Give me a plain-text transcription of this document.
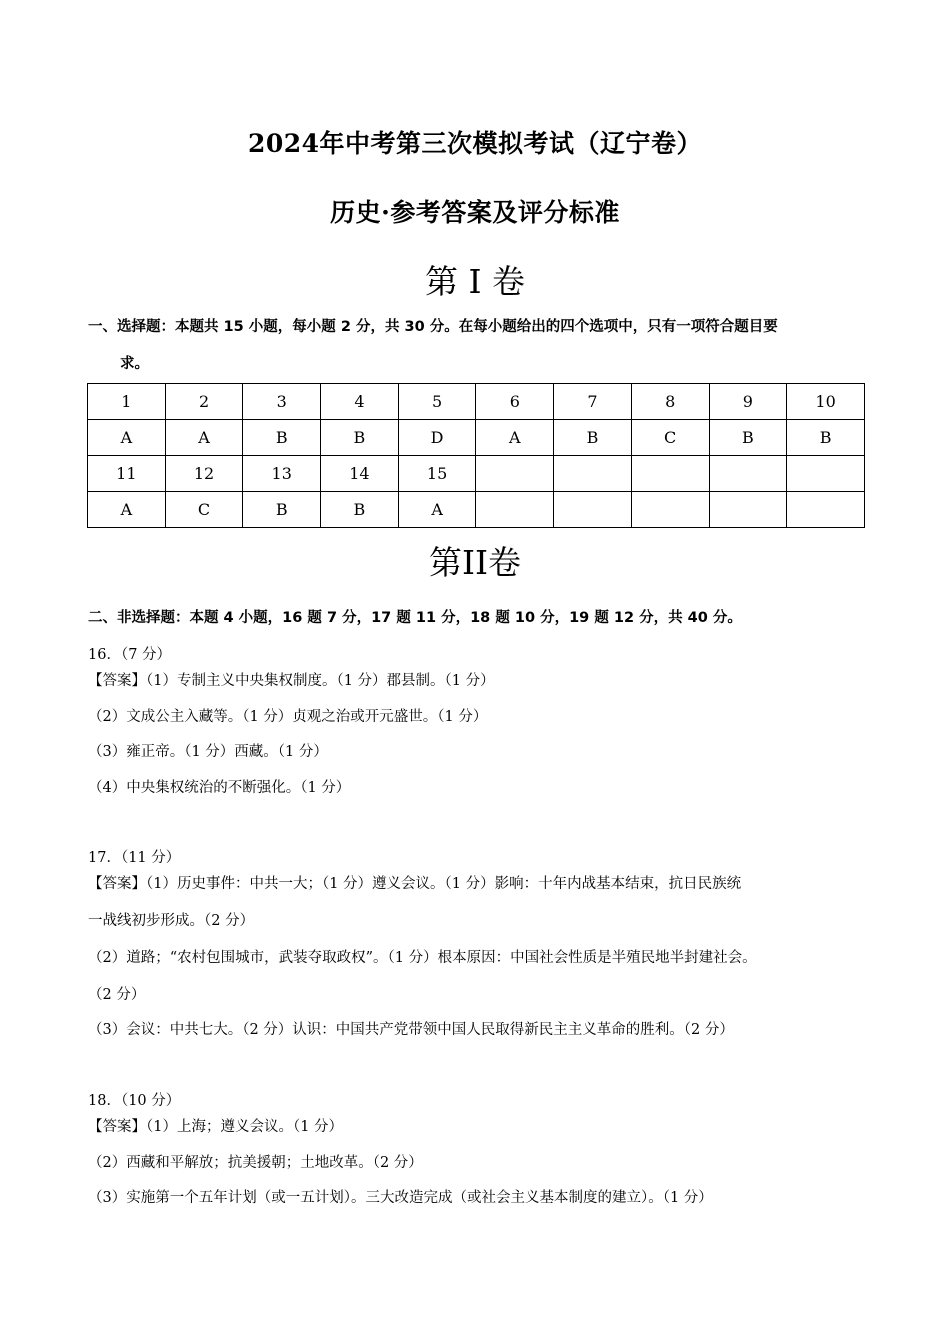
2024年中考第三次模拟考试（辽宁卷）
历史·参考答案及评分标准
第 I 卷
一、选择题：本题共 15 小题，每小题 2 分，共 30 分。在每小题给出的四个选项中，只有一项符合题目要
求。
1	2	3	4	5	6	7	8	9	10
A	A	B	B	D	A	B	C	B	B
11	12	13	14	15					
A	C	B	B	A					
第II卷
二、非选择题：本题 4 小题，16 题 7 分，17 题 11 分，18 题 10 分，19 题 12 分，共 40 分。
16．（7 分）
【答案】（1）专制主义中央集权制度。（1 分）郡县制。（1 分）
（2）文成公主入藏等。（1 分）贞观之治或开元盛世。（1 分）
（3）雍正帝。（1 分）西藏。（1 分）
（4）中央集权统治的不断强化。（1 分）
17．（11 分）
【答案】（1）历史事件：中共一大；（1 分）遵义会议。（1 分）影响：十年内战基本结束，抗日民族统
一战线初步形成。（2 分）
（2）道路；“农村包围城市，武装夺取政权”。（1 分）根本原因：中国社会性质是半殖民地半封建社会。
（2 分）
（3）会议：中共七大。（2 分）认识：中国共产党带领中国人民取得新民主主义革命的胜利。（2 分）
18．（10 分）
【答案】（1）上海；遵义会议。（1 分）
（2）西藏和平解放；抗美援朝；土地改革。（2 分）
（3）实施第一个五年计划（或一五计划）。三大改造完成（或社会主义基本制度的建立）。（1 分）
